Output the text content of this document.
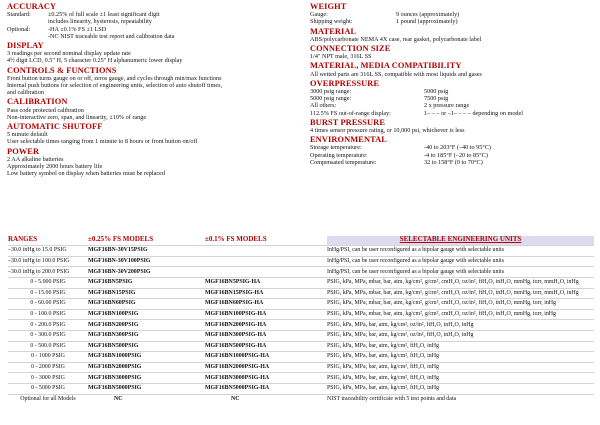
ACCURACY
Standard:	±0.25% of full scale ±1 least significant digit
includes linearity, hysteresis, repeatability
Optional:	-HA ±0.1% FS ±1 LSD
-NC NIST traceable test report and calibration data
DISPLAY
3 readings per second nominal display update rate
4½ digit LCD, 0.5" H, 5 character 0.25" H alphanumeric lower display
CONTROLS & FUNCTIONS
Front button turns gauge on or off, zeros gauge, and cycles through min/max functions
Internal push buttons for selection of engineering units, selection of auto shutoff times,
and calibration
CALIBRATION
Pass code protected calibration
Non-interactive zero, span, and linearity, ±10% of range
AUTOMATIC SHUTOFF
5 minute default
User selectable times ranging from 1 minute to 8 hours or front button on/off
POWER
2 AA alkaline batteries
Approximately 2000 hours battery life
Low battery symbol on display when batteries must be replaced
WEIGHT
Gauge:	9 ounces (approximately)
Shipping weight:	1 pound (approximately)
MATERIAL
ABS/polycarbonate NEMA 4X case, rear gasket, polycarbonate label
CONNECTION SIZE
1/4" NPT male, 316L SS
MATERIAL, MEDIA COMPATIBILITY
All wetted parts are 316L SS, compatible with most liquids and gases
OVERPRESSURE
3000 psig range:	5000 psig
5000 psig range:	7500 psig
All others:	2 x pressure range
112.5% FS out-of-range display:	1– – – or –1– – – – depending on model
BURST PRESSURE
4 times sensor pressure rating, or 10,000 psi, whichever is less
ENVIRONMENTAL
Storage temperature:	-40 to 203°F (–40 to 95°C)
Operating temperature:	-4 to 185°F (–20 to 85°C)
Compensated temperature:	32 to 158°F (0 to 70°C)
RANGES	±0.25% FS MODELS	±0.1% FS MODELS	SELECTABLE ENGINEERING UNITS
–30.0 inHg to 15.0 PSIG	MGF16BN-30V15PSIG		InHg/PSI, can be user reconfigured as a bipolar gauge with selectable units
–30.0 inHg to 100.0 PSIG	MGF16BN-30V100PSIG		InHg/PSI, can be user reconfigured as a bipolar gauge with selectable units
–30.0 inHg to 200.0 PSIG	MGF16BN-30V200PSIG		InHg/PSI, can be user reconfigured as a bipolar gauge with selectable units
0 - 5.000 PSIG	MGF16BN5PSIG	MGF16BN5PSIG-HA	PSIG, kPa, MPa, mbar, bar, atm, kg/cm², g/cm², cmH₂O, oz/in², ftH₂O, inH₂O, mmHg, torr, mmH₂O, inHg
0 - 15.00 PSIG	MGF16BN15PSIG	MGF16BN15PSIG-HA	PSIG, kPa, MPa, mbar, bar, atm, kg/cm², g/cm², cmH₂O, oz/in², ftH₂O, inH₂O, mmHg, torr, mmH₂O, inHg
0 - 60.00 PSIG	MGF16BN60PSIG	MGF16BN60PSIG-HA	PSIG, kPa, MPa, mbar, bar, atm, kg/cm², g/cm², cmH₂O, oz/in², ftH₂O, inH₂O, mmHg, torr, inHg
0 - 100.0 PSIG	MGF16BN100PSIG	MGF16BN100PSIG-HA	PSIG, kPa, MPa, mbar, bar, atm, kg/cm², g/cm², cmH₂O, oz/in², ftH₂O, inH₂O, mmHg, torr, inHg
0 - 200.0 PSIG	MGF16BN200PSIG	MGF16BN200PSIG-HA	PSIG, kPa, MPa, bar, atm, kg/cm², oz/in², ftH₂O, inH₂O, inHg
0 - 300.0 PSIG	MGF16BN300PSIG	MGF16BN300PSIG-HA	PSIG, kPa, MPa, bar, atm, kg/cm², oz/in², ftH₂O, inH₂O, inHg
0 - 500.0 PSIG	MGF16BN500PSIG	MGF16BN500PSIG-HA	PSIG, kPa, MPa, bar, atm, kg/cm², ftH₂O, inHg
0 - 1000 PSIG	MGF16BN1000PSIG	MGF16BN1000PSIG-HA	PSIG, kPa, MPa, bar, atm, kg/cm², ftH₂O, inHg
0 - 2000 PSIG	MGF16BN2000PSIG	MGF16BN2000PSIG-HA	PSIG, kPa, MPa, bar, atm, kg/cm², ftH₂O, inHg
0 - 3000 PSIG	MGF16BN3000PSIG	MGF16BN3000PSIG-HA	PSIG, kPa, MPa, bar, atm, kg/cm², ftH₂O, inHg
0 - 5000 PSIG	MGF16BN5000PSIG	MGF16BN5000PSIG-HA	PSIG, kPa, MPa, bar, atm, kg/cm², ftH₂O, inHg
Optional for all Models	NC	NC	NIST traceability certificate with 5 test points and data
